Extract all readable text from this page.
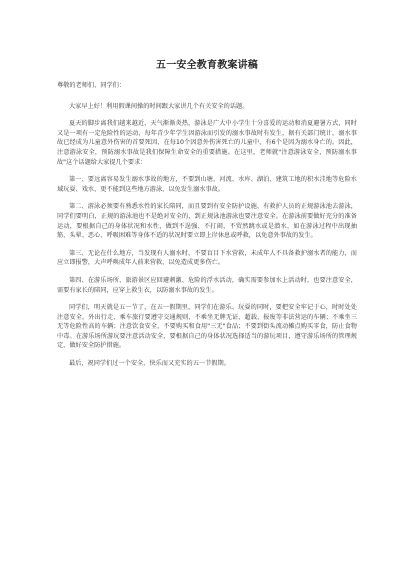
五一安全教育教案讲稿

尊敬的老师们、同学们：

大家早上好！利用假课间操的时间跟大家讲几个有关安全的话题。

夏天的脚步离我们越来越近，天气渐渐炎热，游泳是广大中小学生十分喜爱的运动和消夏避暑方式，同时又是一项有一定危险性的运动，每年青少年学生因游泳而引发的溺水事故时有发生，据有关部门统计，溺水事故已经成为儿童意外伤害的首要死因，在每10个因意外伤害死亡的儿童中，有6个是因为溺水身亡的。因此，注意游泳安全，预防溺水事故是我们保障生命安全的重要措施。在这里，老师就"注意游泳安全，预防溺水事故"这个话题给大家提几个要求：

第一、要远离容易发生溺水事故的地方，不要到山塘、河流、水库、湖泊、建筑工地的积水洼地等危险水域玩耍、戏水，更不能到这些地方游泳，以免发生溺水事故。

第二、游泳必须要有熟悉水性的家长陪同，而且要到有安全防护设施、有救护人员的正规游泳池去游泳，同学们要明白，正规的游泳池也不是绝对安全的，到正规泳池游泳也要注意安全。在游泳前要做好充分的准备运动，要根据自己的身体状况和水性，做到不逞强、不打闹，不贸然跳水或是潜水，如在游泳过程中出现抽筋、头晕、恶心、呼吸困难等身体不适的状况时要立即上岸休息或呼救，以免意外事故的发生。

第三、无论在什么地方，当发现有人溺水时，不要盲目下水营救，未成年人不具备救护溺水者的能力，而应立即报警，大声呼唤成年人前来营救，以免造成更多伤亡。

第四、在游乐场所、旅游景区应回避刺激、危险的浮水活动，确实需要参加水上活动时，也要注意安全，需要有家长的陪同，应穿上救生衣，以防溺水事故的发生。

同学们，明天就是五一节了，在五一假期里，同学们在游乐、玩耍的同时，要把安全牢记于心，时时处处注意安全。外出行走、乘车旅行要遵守交通规则，不乘坐无牌无证、超载、报废等非法营运的车辆；不乘坐三无等危险性高的车辆；注意饮食安全，不要购买和食用"三无"食品；不要到街头流动摊点购买零食，防止食物中毒。在游乐场所游玩要注意活动安全，要根据自己的身体状况选择适当的游玩项目，遵守游乐场所的管理规定，做好安全防护措施。

最后，祝同学们过一个安全、快乐而又充实的五一节假期。
